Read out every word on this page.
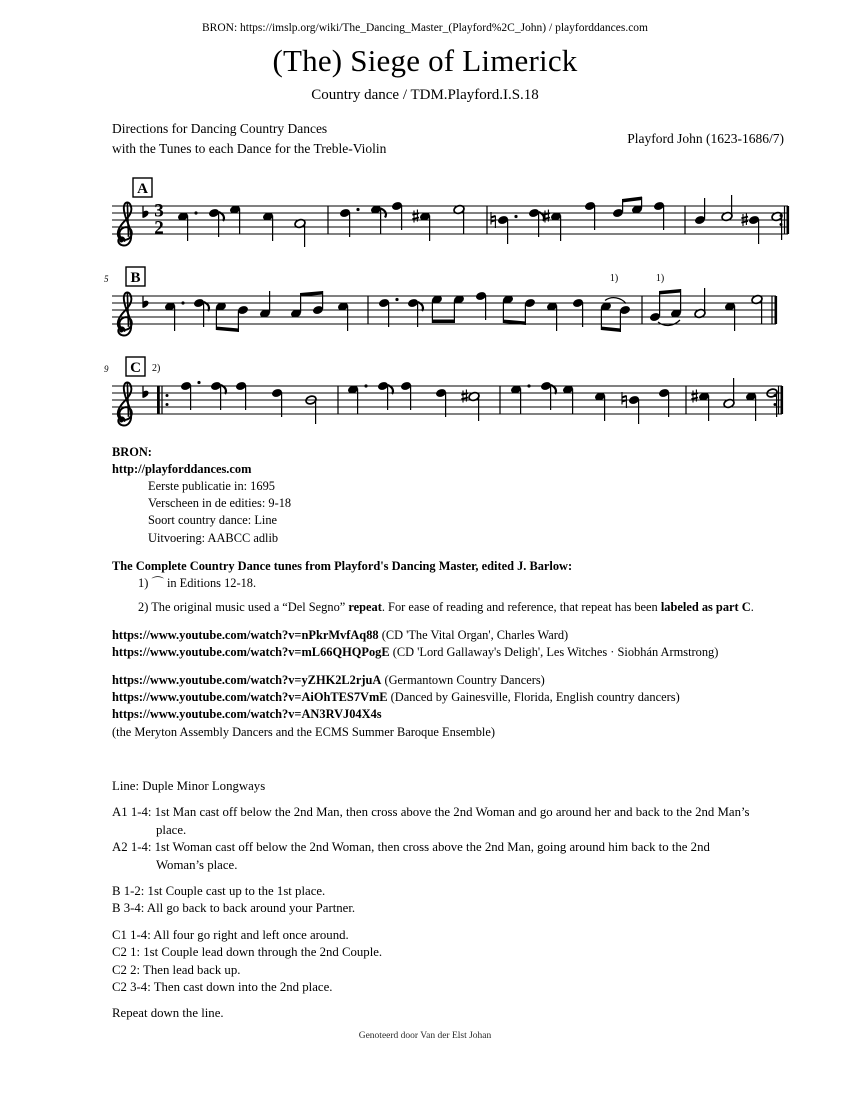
BRON: https://imslp.org/wiki/The_Dancing_Master_(Playford%2C_John) / playforddances.com
(The) Siege of Limerick
Country dance / TDM.Playford.I.S.18
Directions for Dancing Country Dances
with the Tunes to each Dance for the Treble-Violin
Playford John (1623-1686/7)
A
3
2
5 B	1)	1)
9 C 2)
BRON:
http://playforddances.com
Eerste publicatie in: 1695
Verscheen in de edities: 9-18
Soort country dance: Line
Uitvoering: AABCC adlib
The Complete Country Dance tunes from Playford's Dancing Master, edited J. Barlow:
1) ⌒ in Editions 12-18.
2) The original music used a “Del Segno” repeat. For ease of reading and reference, that repeat has been labeled as part C.

https://www.youtube.com/watch?v=nPkrMvfAq88 (CD 'The Vital Organ', Charles Ward)

https://www.youtube.com/watch?v=mL66QHQPogE (CD 'Lord Gallaway's Deligh', Les Witches · Siobhán Armstrong)

https://www.youtube.com/watch?v=yZHK2L2rjuA (Germantown Country Dancers)

https://www.youtube.com/watch?v=AiOhTES7VmE (Danced by Gainesville, Florida, English country dancers)

https://www.youtube.com/watch?v=AN3RVJ04X4s

(the Meryton Assembly Dancers and the ECMS Summer Baroque Ensemble)

Line: Duple Minor Longways

A1 1-4: 1st Man cast off below the 2nd Man, then cross above the 2nd Woman and go around her and back to the 2nd Man’s place.

A2 1-4: 1st Woman cast off below the 2nd Woman, then cross above the 2nd Man, going around him back to the 2nd Woman’s place.

B 1-2: 1st Couple cast up to the 1st place.

B 3-4: All go back to back around your Partner.

C1 1-4: All four go right and left once around.

C2 1: 1st Couple lead down through the 2nd Couple.

C2 2: Then lead back up.

C2 3-4: Then cast down into the 2nd place.

Repeat down the line.

Genoteerd door Van der Elst Johan
